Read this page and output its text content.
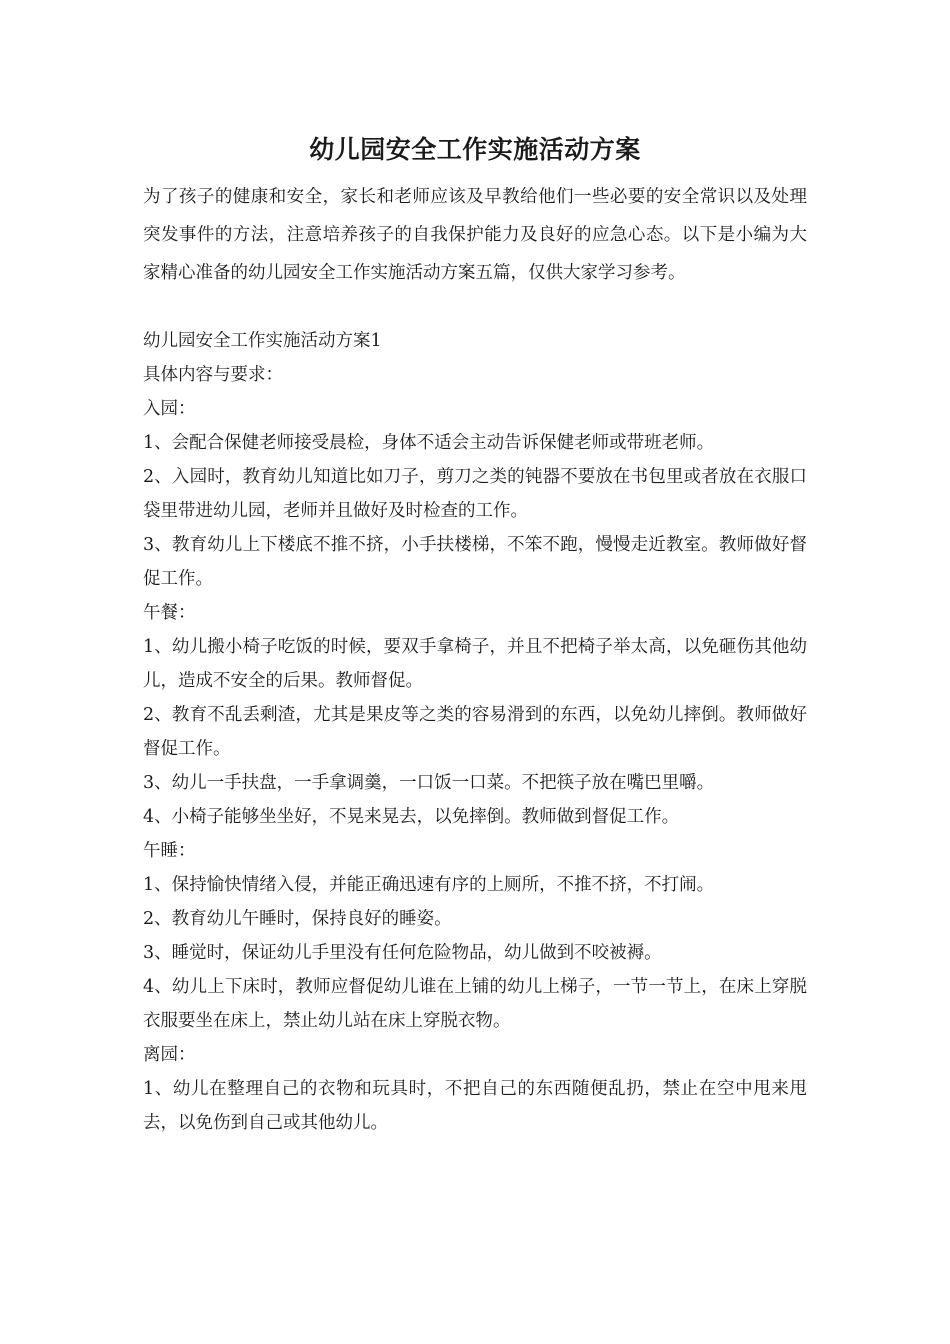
幼儿园安全工作实施活动方案

为了孩子的健康和安全，家长和老师应该及早教给他们一些必要的安全常识以及处理突发事件的方法，注意培养孩子的自我保护能力及良好的应急心态。以下是小编为大家精心准备的幼儿园安全工作实施活动方案五篇，仅供大家学习参考。

幼儿园安全工作实施活动方案1

具体内容与要求：

入园：

1、会配合保健老师接受晨检，身体不适会主动告诉保健老师或带班老师。

2、入园时，教育幼儿知道比如刀子，剪刀之类的钝器不要放在书包里或者放在衣服口袋里带进幼儿园，老师并且做好及时检查的工作。

3、教育幼儿上下楼底不推不挤，小手扶楼梯，不笨不跑，慢慢走近教室。教师做好督促工作。

午餐：

1、幼儿搬小椅子吃饭的时候，要双手拿椅子，并且不把椅子举太高，以免砸伤其他幼儿，造成不安全的后果。教师督促。

2、教育不乱丢剩渣，尤其是果皮等之类的容易滑到的东西，以免幼儿摔倒。教师做好督促工作。

3、幼儿一手扶盘，一手拿调羹，一口饭一口菜。不把筷子放在嘴巴里嚼。

4、小椅子能够坐坐好，不晃来晃去，以免摔倒。教师做到督促工作。

午睡：

1、保持愉快情绪入侵，并能正确迅速有序的上厕所，不推不挤，不打闹。

2、教育幼儿午睡时，保持良好的睡姿。

3、睡觉时，保证幼儿手里没有任何危险物品，幼儿做到不咬被褥。

4、幼儿上下床时，教师应督促幼儿谁在上铺的幼儿上梯子，一节一节上，在床上穿脱衣服要坐在床上，禁止幼儿站在床上穿脱衣物。

离园：

1、幼儿在整理自己的衣物和玩具时，不把自己的东西随便乱扔，禁止在空中甩来甩去，以免伤到自己或其他幼儿。
